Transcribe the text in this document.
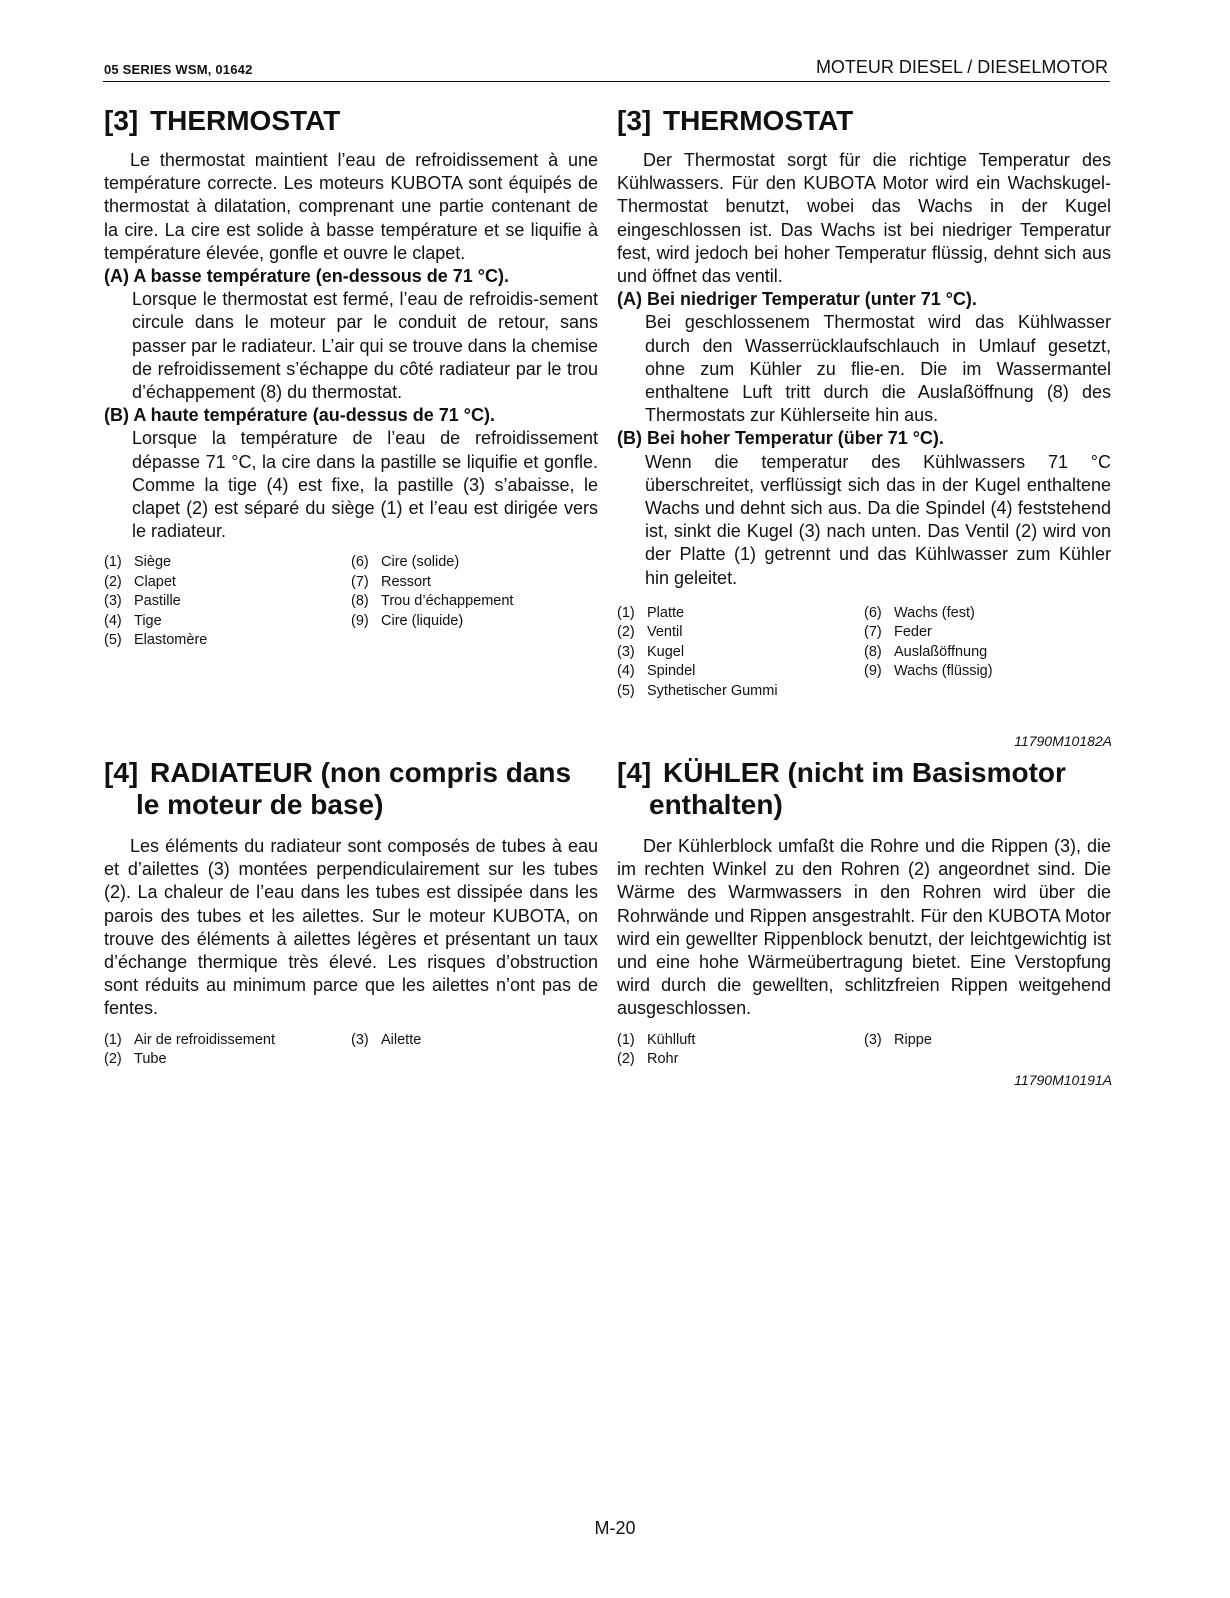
05 SERIES WSM, 01642	MOTEUR DIESEL / DIESELMOTOR
[3] THERMOSTAT

Le thermostat maintient l’eau de refroidissement à une température correcte. Les moteurs KUBOTA sont équipés de thermostat à dilatation, comprenant une partie contenant de la cire. La cire est solide à basse température et se liquifie à température élevée, gonfle et ouvre le clapet.

(A) A basse température (en-dessous de 71 °C).

Lorsque le thermostat est fermé, l’eau de refroidis-sement circule dans le moteur par le conduit de retour, sans passer par le radiateur. L’air qui se trouve dans la chemise de refroidissement s’échappe du côté radiateur par le trou d’échappement (8) du thermostat.

(B) A haute température (au-dessus de 71 °C).

Lorsque la température de l’eau de refroidissement dépasse 71 °C, la cire dans la pastille se liquifie et gonfle. Comme la tige (4) est fixe, la pastille (3) s’abaisse, le clapet (2) est séparé du siège (1) et l’eau est dirigée vers le radiateur.

(1) Siège
(2) Clapet
(3) Pastille
(4) Tige
(5) Elastomère
(6) Cire (solide)
(7) Ressort
(8) Trou d’échappement
(9) Cire (liquide)
[3] THERMOSTAT

Der Thermostat sorgt für die richtige Temperatur des Kühlwassers. Für den KUBOTA Motor wird ein Wachskugel-Thermostat benutzt, wobei das Wachs in der Kugel eingeschlossen ist. Das Wachs ist bei niedriger Temperatur fest, wird jedoch bei hoher Temperatur flüssig, dehnt sich aus und öffnet das ventil.

(A) Bei niedriger Temperatur (unter 71 °C).

Bei geschlossenem Thermostat wird das Kühlwasser durch den Wasserrücklaufschlauch in Umlauf gesetzt, ohne zum Kühler zu flie-en. Die im Wassermantel enthaltene Luft tritt durch die Auslaßöffnung (8) des Thermostats zur Kühlerseite hin aus.

(B) Bei hoher Temperatur (über 71 °C).

Wenn die temperatur des Kühlwassers 71 °C überschreitet, verflüssigt sich das in der Kugel enthaltene Wachs und dehnt sich aus. Da die Spindel (4) feststehend ist, sinkt die Kugel (3) nach unten. Das Ventil (2) wird von der Platte (1) getrennt und das Kühlwasser zum Kühler hin geleitet.

(1) Platte
(2) Ventil
(3) Kugel
(4) Spindel
(5) Sythetischer Gummi
(6) Wachs (fest)
(7) Feder
(8) Auslaßöffnung
(9) Wachs (flüssig)
11790M10182A
[4] RADIATEUR (non compris dans
le moteur de base)

Les éléments du radiateur sont composés de tubes à eau et d’ailettes (3) montées perpendiculairement sur les tubes (2). La chaleur de l’eau dans les tubes est dissipée dans les parois des tubes et les ailettes. Sur le moteur KUBOTA, on trouve des éléments à ailettes légères et présentant un taux d’échange thermique très élevé. Les risques d’obstruction sont réduits au minimum parce que les ailettes n’ont pas de fentes.

(1) Air de refroidissement
(2) Tube
(3) Ailette
[4] KÜHLER (nicht im Basismotor
enthalten)

Der Kühlerblock umfaßt die Rohre und die Rippen (3), die im rechten Winkel zu den Rohren (2) angeordnet sind. Die Wärme des Warmwassers in den Rohren wird über die Rohrwände und Rippen ansgestrahlt. Für den KUBOTA Motor wird ein gewellter Rippenblock benutzt, der leichtgewichtig ist und eine hohe Wärmeübertragung bietet. Eine Verstopfung wird durch die gewellten, schlitzfreien Rippen weitgehend ausgeschlossen.

(1) Kühlluft
(2) Rohr
(3) Rippe
11790M10191A
M-20
